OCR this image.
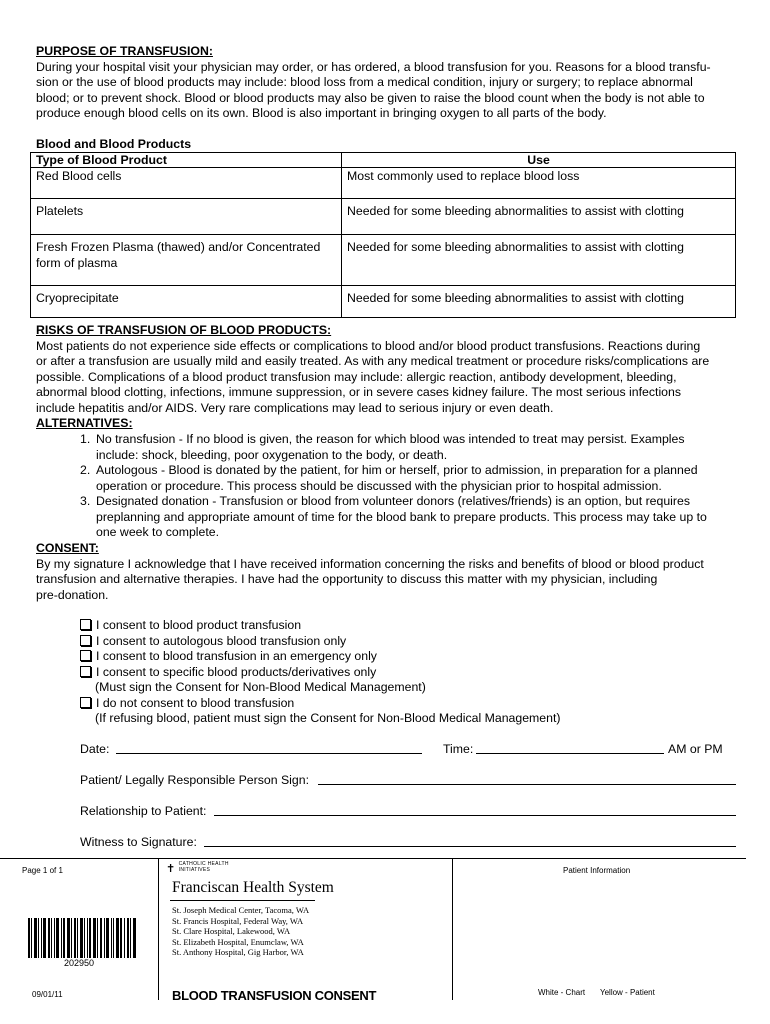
PURPOSE OF TRANSFUSION:

During your hospital visit your physician may order, or has ordered, a blood transfusion for you. Reasons for a blood transfu-

sion or the use of blood products may include: blood loss from a medical condition, injury or surgery; to replace abnormal

blood; or to prevent shock. Blood or blood products may also be given to raise the blood count when the body is not able to

produce enough blood cells on its own. Blood is also important in bringing oxygen to all parts of the body.

Blood and Blood Products
Type of Blood Product	Use
Red Blood cells	Most commonly used to replace blood loss
Platelets	Needed for some bleeding abnormalities to assist with clotting
Fresh Frozen Plasma (thawed) and/or Concentrated form of plasma	Needed for some bleeding abnormalities to assist with clotting
Cryoprecipitate	Needed for some bleeding abnormalities to assist with clotting

RISKS OF TRANSFUSION OF BLOOD PRODUCTS:

Most patients do not experience side effects or complications to blood and/or blood product transfusions. Reactions during

or after a transfusion are usually mild and easily treated. As with any medical treatment or procedure risks/complications are

possible. Complications of a blood product transfusion may include: allergic reaction, antibody development, bleeding,

abnormal blood clotting, infections, immune suppression, or in severe cases kidney failure. The most serious infections

include hepatitis and/or AIDS. Very rare complications may lead to serious injury or even death.

ALTERNATIVES:

1. No transfusion - If no blood is given, the reason for which blood was intended to treat may persist. Examples

include: shock, bleeding, poor oxygenation to the body, or death.

2. Autologous - Blood is donated by the patient, for him or herself, prior to admission, in preparation for a planned

operation or procedure. This process should be discussed with the physician prior to hospital admission.

3. Designated donation - Transfusion or blood from volunteer donors (relatives/friends) is an option, but requires

preplanning and appropriate amount of time for the blood bank to prepare products. This process may take up to

one week to complete.

CONSENT:

By my signature I acknowledge that I have received information concerning the risks and benefits of blood or blood product

transfusion and alternative therapies. I have had the opportunity to discuss this matter with my physician, including

pre-donation.

I consent to blood product transfusion
I consent to autologous blood transfusion only
I consent to blood transfusion in an emergency only
I consent to specific blood products/derivatives only
(Must sign the Consent for Non-Blood Medical Management)
I do not consent to blood transfusion
(If refusing blood, patient must sign the Consent for Non-Blood Medical Management)
Date:	Time:	AM or PM
Patient/ Legally Responsible Person Sign:
Relationship to Patient:
Witness to Signature:
Page 1 of 1	✝ CATHOLIC HEALTH INITIATIVES
Franciscan Health System
St. Joseph Medical Center, Tacoma, WA
St. Francis Hospital, Federal Way, WA
St. Clare Hospital, Lakewood, WA
St. Elizabeth Hospital, Enumclaw, WA
St. Anthony Hospital, Gig Harbor, WA
202950
09/01/11	BLOOD TRANSFUSION CONSENT
Patient Information
White - Chart Yellow - Patient
